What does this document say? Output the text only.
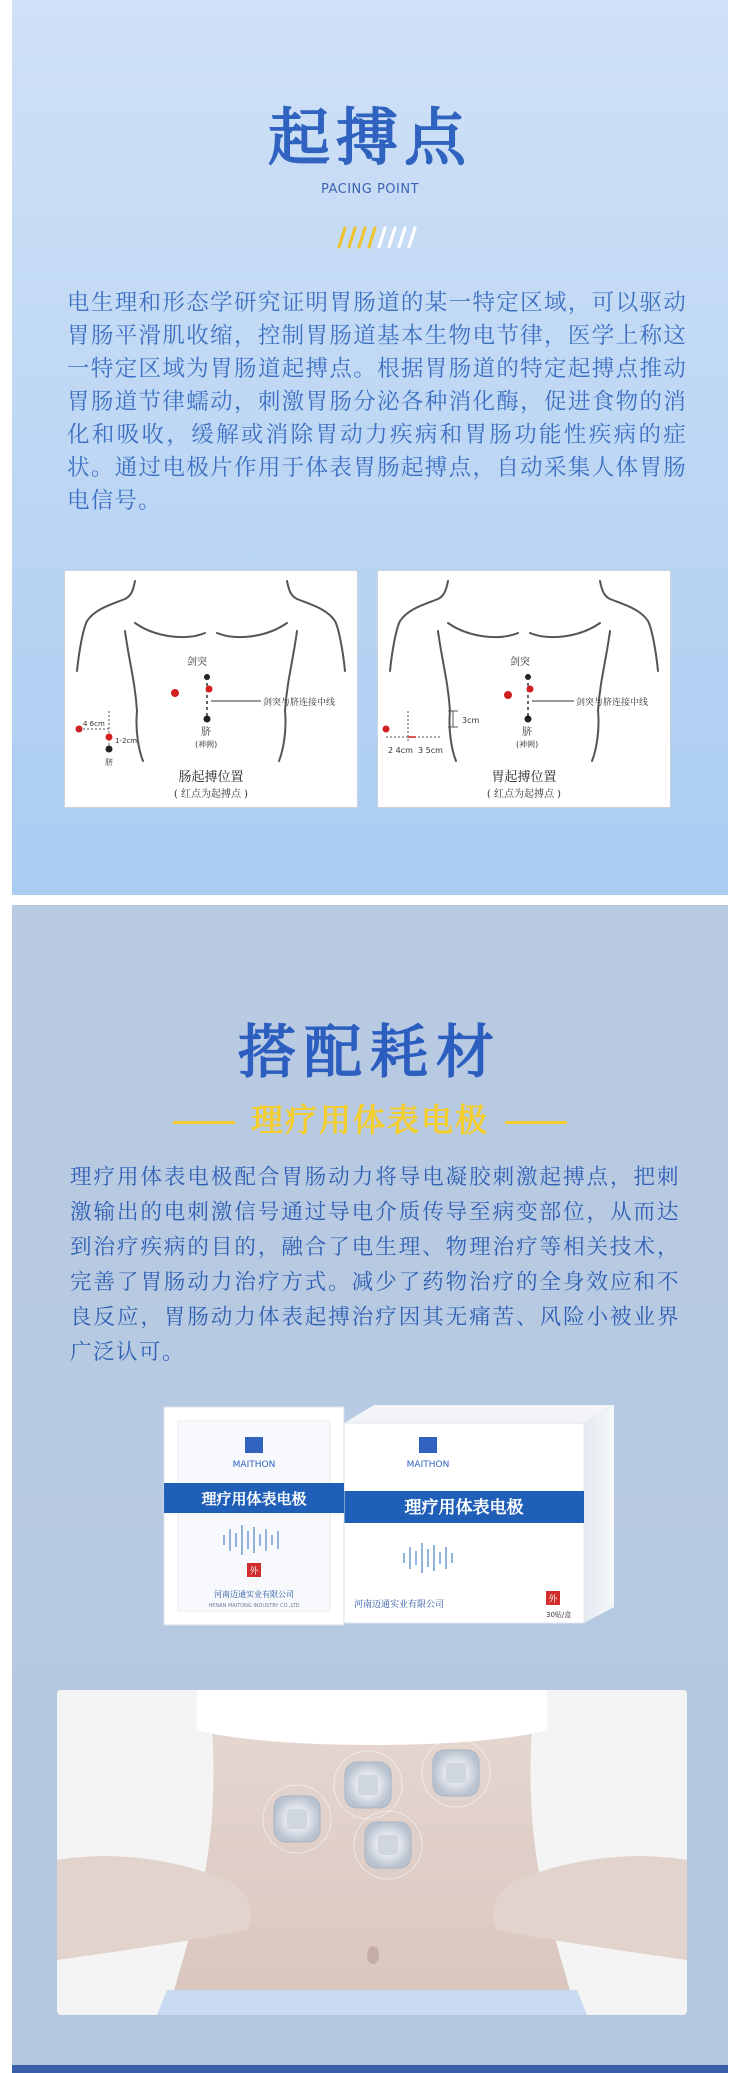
起搏点
PACING POINT

电生理和形态学研究证明胃肠道的某一特定区域，可以驱动胃肠平滑肌收缩，控制胃肠道基本生物电节律，医学上称这一特定区域为胃肠道起搏点。根据胃肠道的特定起搏点推动胃肠道节律蠕动，刺激胃肠分泌各种消化酶，促进食物的消化和吸收，缓解或消除胃动力疾病和胃肠功能性疾病的症状。通过电极片作用于体表胃肠起搏点，自动采集人体胃肠电信号。

剑突
剑突与脐连接中线
脐
(神阙)
4 6cm
1-2cm
脐
肠起搏位置
( 红点为起搏点 )
剑突
剑突与脐连接中线
脐
(神阙)
3cm
2 4cm 3 5cm
胃起搏位置
( 红点为起搏点 )
搭配耗材
理疗用体表电极

理疗用体表电极配合胃肠动力将导电凝胶刺激起搏点，把刺激输出的电刺激信号通过导电介质传导至病变部位，从而达到治疗疾病的目的，融合了电生理、物理治疗等相关技术，完善了胃肠动力治疗方式。减少了药物治疗的全身效应和不良反应，胃肠动力体表起搏治疗因其无痛苦、风险小被业界广泛认可。

MAITHON
理疗用体表电极
河南迈通实业有限公司	外
30贴/盒
MAITHON
理疗用体表电极
外
河南迈通实业有限公司
HENAN MAITONG INDUSTRY CO.,LTD
